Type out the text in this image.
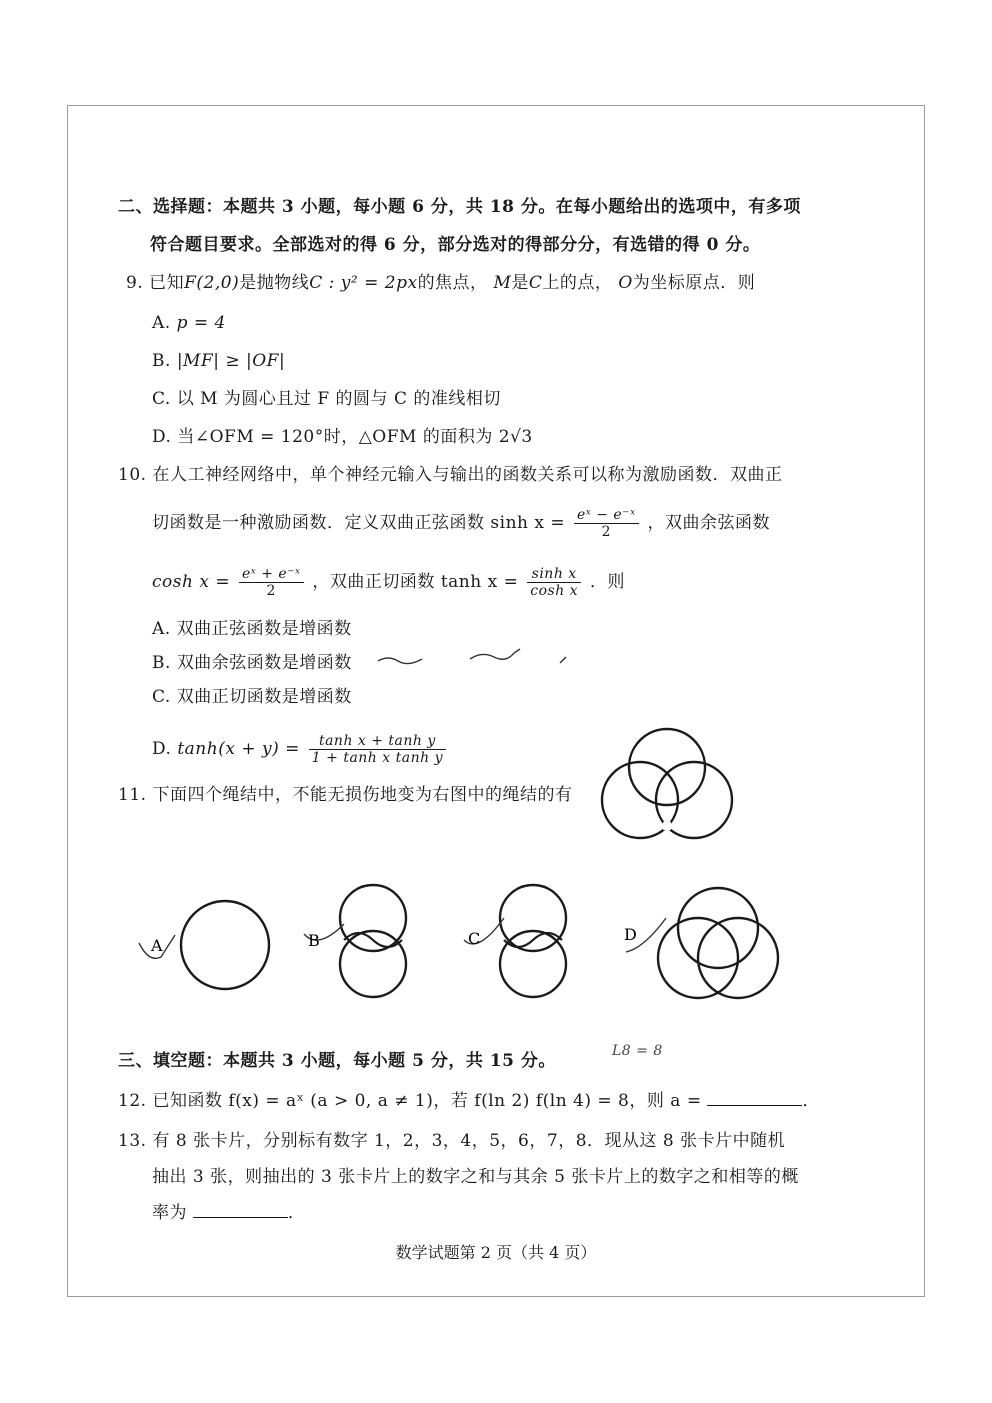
二、选择题：本题共 3 小题，每小题 6 分，共 18 分。在每小题给出的选项中，有多项
符合题目要求。全部选对的得 6 分，部分选对的得部分分，有选错的得 0 分。
9. 已知F(2,0)是抛物线C : y² = 2px的焦点， M是C上的点， O为坐标原点．则
A. p = 4
B. |MF| ≥ |OF|
C. 以 M 为圆心且过 F 的圆与 C 的准线相切
D. 当∠OFM = 120°时，△OFM 的面积为 2√3
10. 在人工神经网络中，单个神经元输入与输出的函数关系可以称为激励函数．双曲正
切函数是一种激励函数．定义双曲正弦函数 $\sinh x = \frac{\text{eˣ − e⁻ˣ}}{2}$ ，双曲余弦函数
$\cosh x = \frac{\text{eˣ + e⁻ˣ}}{2}$ ，双曲正切函数 $\tanh x = \frac{\text{sinh x}}{\text{cosh x}}$ ．则
A. 双曲正弦函数是增函数
B. 双曲余弦函数是增函数
C. 双曲正切函数是增函数
D. $\tanh(x + y) = \frac{\text{tanh x + tanh y}}{\text{1 + tanh x tanh y}}$
11. 下面四个绳结中，不能无损伤地变为右图中的绳结的有
A	B	C	D
三、填空题：本题共 3 小题，每小题 5 分，共 15 分。	L8 = 8
12. 已知函数 f(x) = aˣ (a > 0, a ≠ 1)，若 f(ln 2) f(ln 4) = 8，则 a =	．
13. 有 8 张卡片，分别标有数字 1，2，3，4，5，6，7，8．现从这 8 张卡片中随机
抽出 3 张，则抽出的 3 张卡片上的数字之和与其余 5 张卡片上的数字之和相等的概
率为	．
数学试题第 2 页（共 4 页）
